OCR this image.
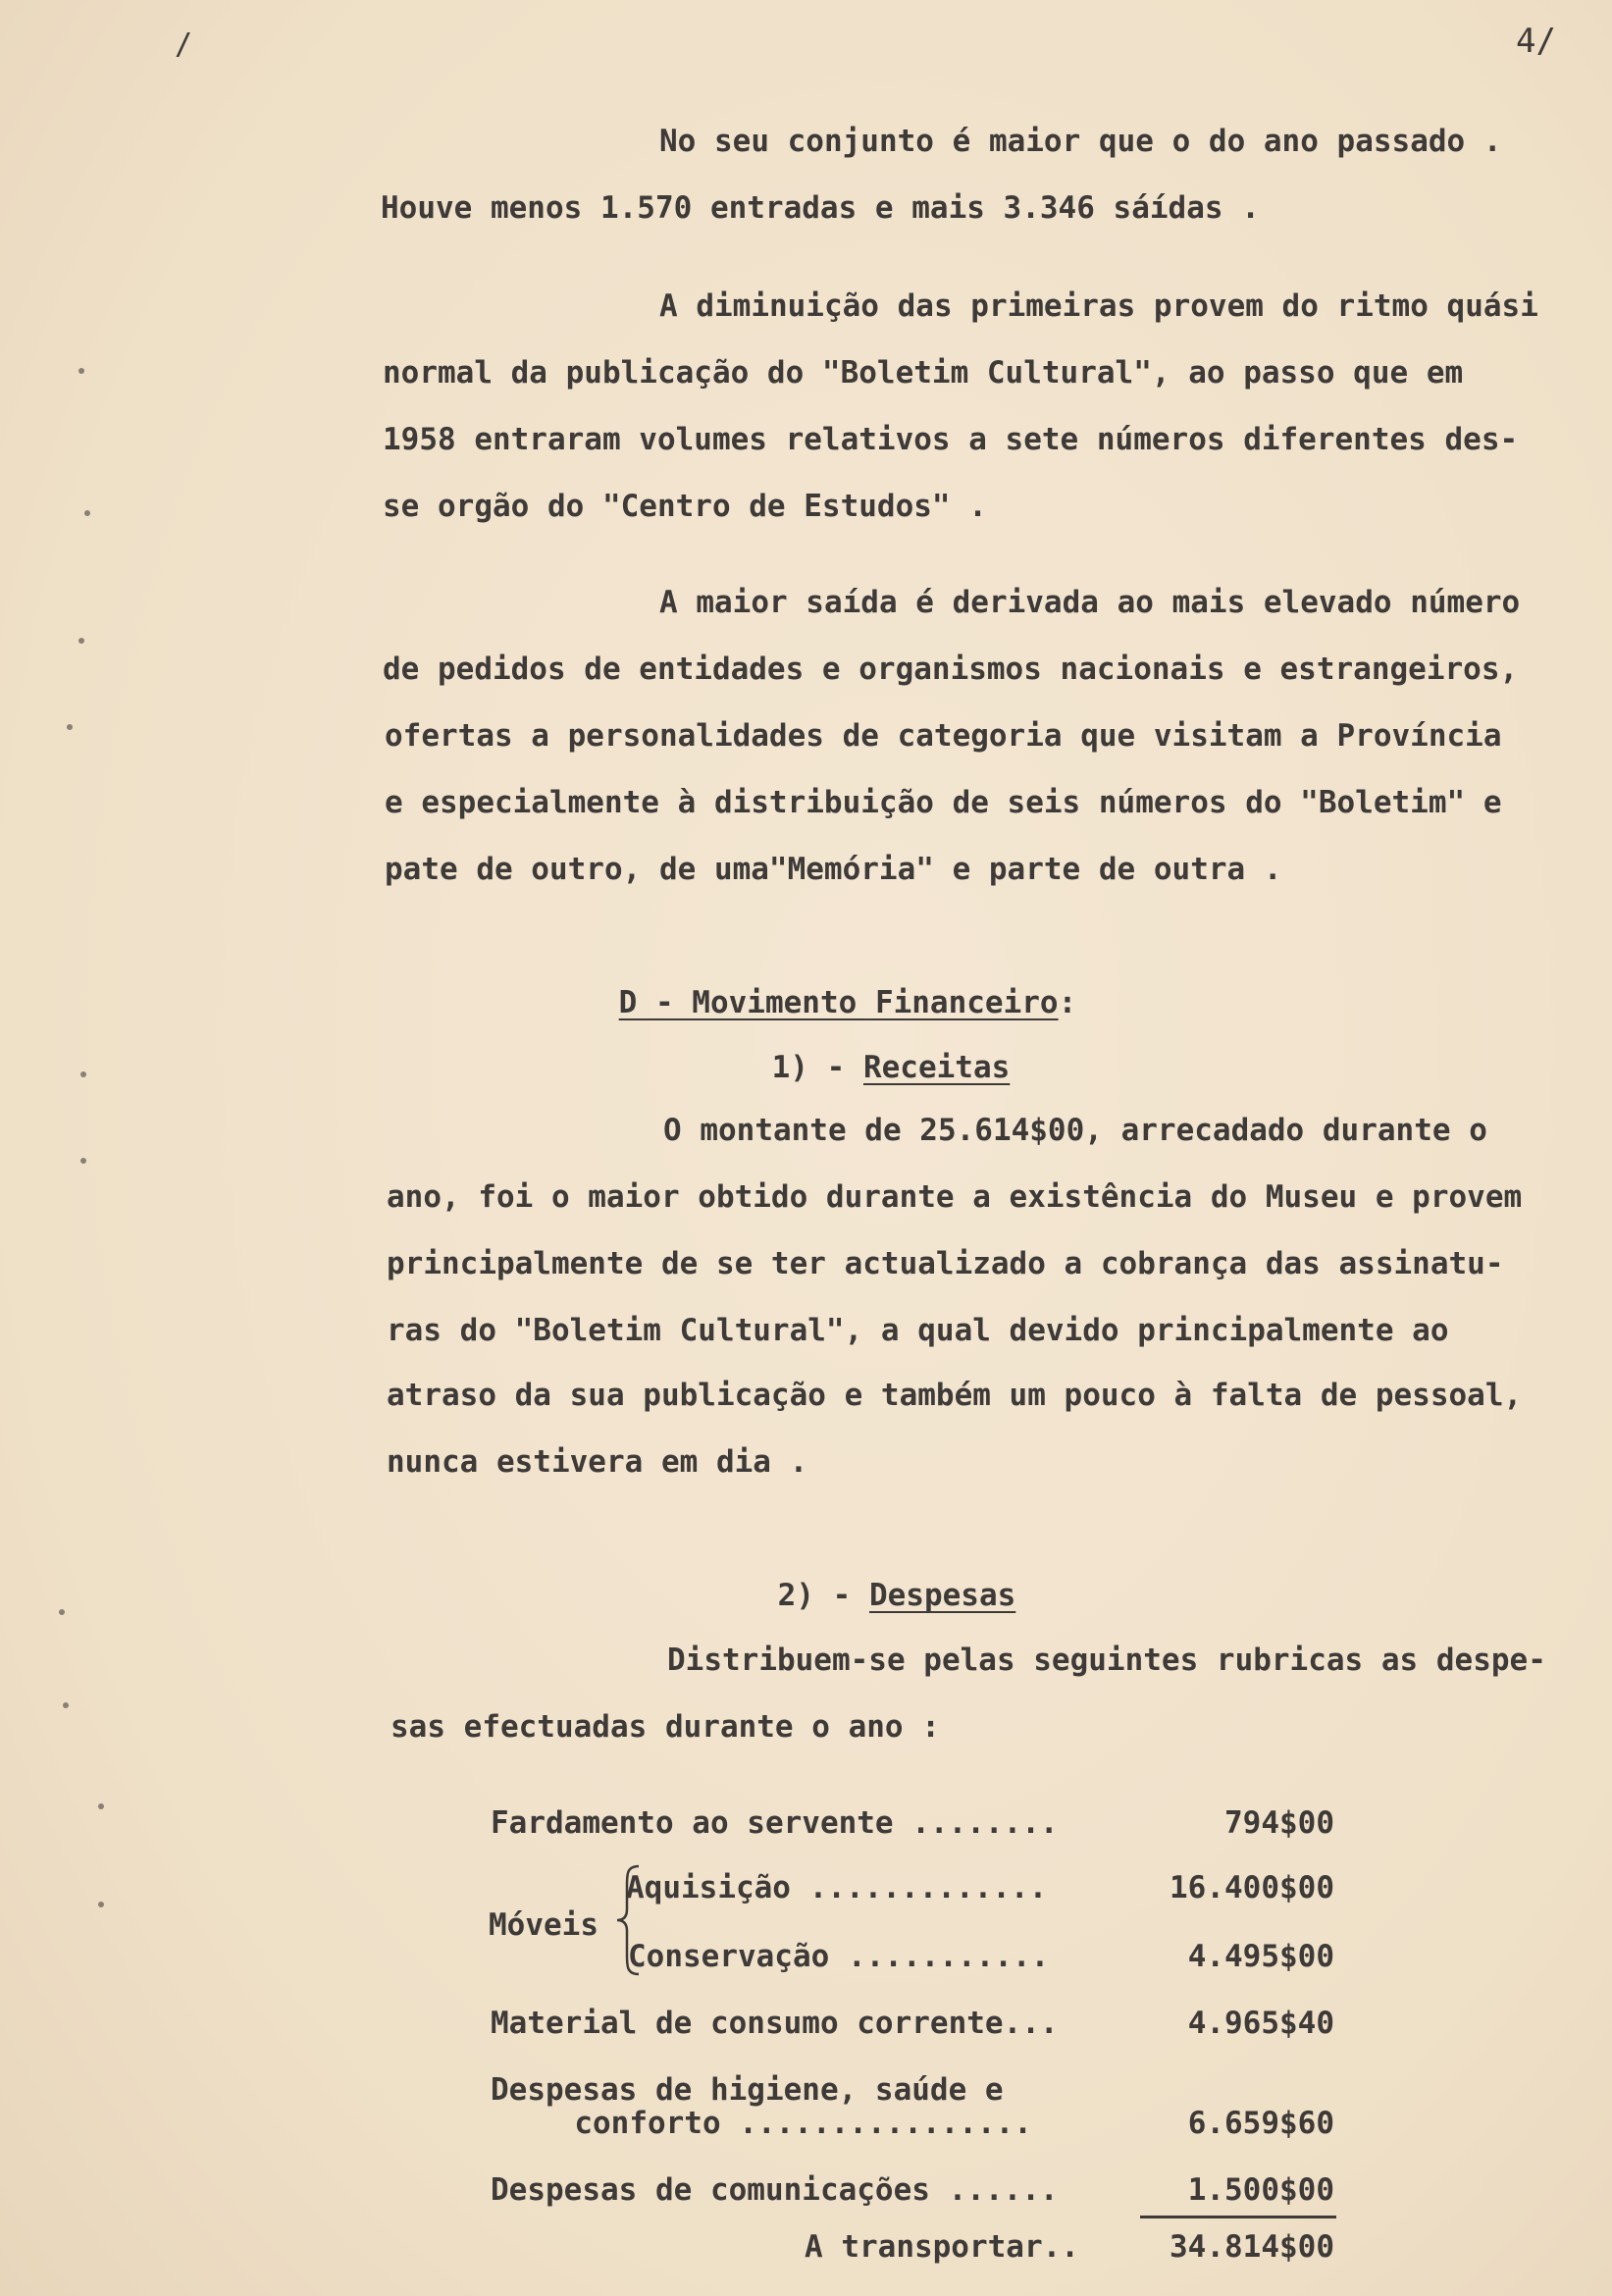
/	4/
No seu conjunto é maior que o do ano passado .
Houve menos 1.570 entradas e mais 3.346 sáídas .
A diminuição das primeiras provem do ritmo quási
normal da publicação do "Boletim Cultural", ao passo que em
1958 entraram volumes relativos a sete números diferentes des-
se orgão do "Centro de Estudos" .
A maior saída é derivada ao mais elevado número
de pedidos de entidades e organismos nacionais e estrangeiros,
ofertas a personalidades de categoria que visitam a Província
e especialmente à distribuição de seis números do "Boletim" e
pate de outro, de uma"Memória" e parte de outra .

D - Movimento Financeiro:

1) - Receitas

O montante de 25.614$00, arrecadado durante o
ano, foi o maior obtido durante a existência do Museu e provem
principalmente de se ter actualizado a cobrança das assinatu-
ras do "Boletim Cultural", a qual devido principalmente ao
atraso da sua publicação e também um pouco à falta de pessoal,
nunca estivera em dia .

2) - Despesas

Distribuem-se pelas seguintes rubricas as despe-
sas efectuadas durante o ano :
Fardamento ao servente ........	794$00
Móveis
Aquisição .............	16.400$00
Conservação ...........	4.495$00
Material de consumo corrente...	4.965$40
Despesas de higiene, saúde e
conforto ................	6.659$60
Despesas de comunicações ......	1.500$00
A transportar..	34.814$00
